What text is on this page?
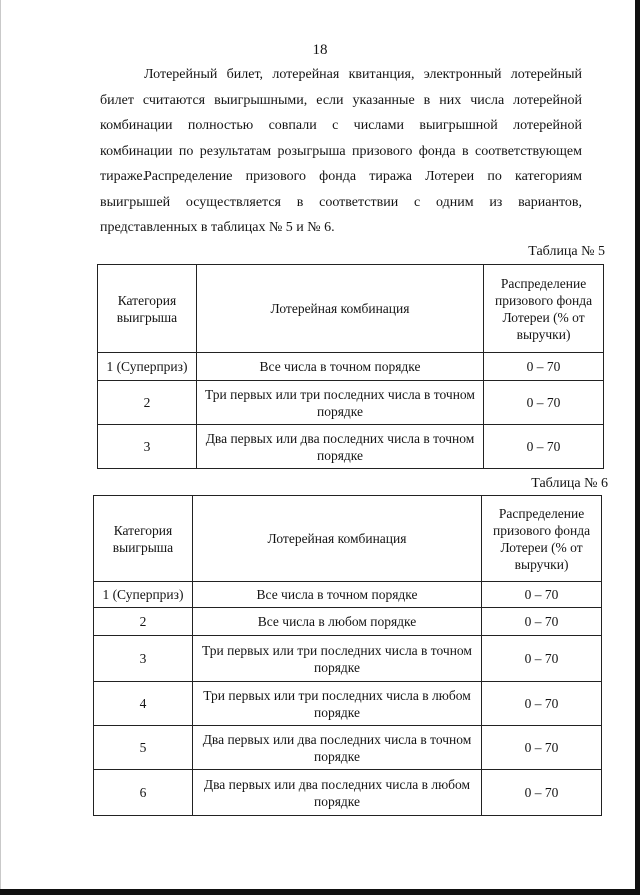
18

Лотерейный билет, лотерейная квитанция, электронный лотерейный билет считаются выигрышными, если указанные в них числа лотерейной комбинации полностью совпали с числами выигрышной лотерейной комбинации по результатам розыгрыша призового фонда в соответствующем тираже.

Распределение призового фонда тиража Лотереи по категориям выигрышей осуществляется в соответствии с одним из вариантов, представленных в таблицах № 5 и № 6.

Таблица № 5
Категория выигрыша	Лотерейная комбинация	Распределение призового фонда Лотереи (% от выручки)
1 (Суперприз)	Все числа в точном порядке	0 – 70
2	Три первых или три последних числа в точном порядке	0 – 70
3	Два первых или два последних числа в точном порядке	0 – 70
Таблица № 6
Категория выигрыша	Лотерейная комбинация	Распределение призового фонда Лотереи (% от выручки)
1 (Суперприз)	Все числа в точном порядке	0 – 70
2	Все числа в любом порядке	0 – 70
3	Три первых или три последних числа в точном порядке	0 – 70
4	Три первых или три последних числа в любом порядке	0 – 70
5	Два первых или два последних числа в точном порядке	0 – 70
6	Два первых или два последних числа в любом порядке	0 – 70
